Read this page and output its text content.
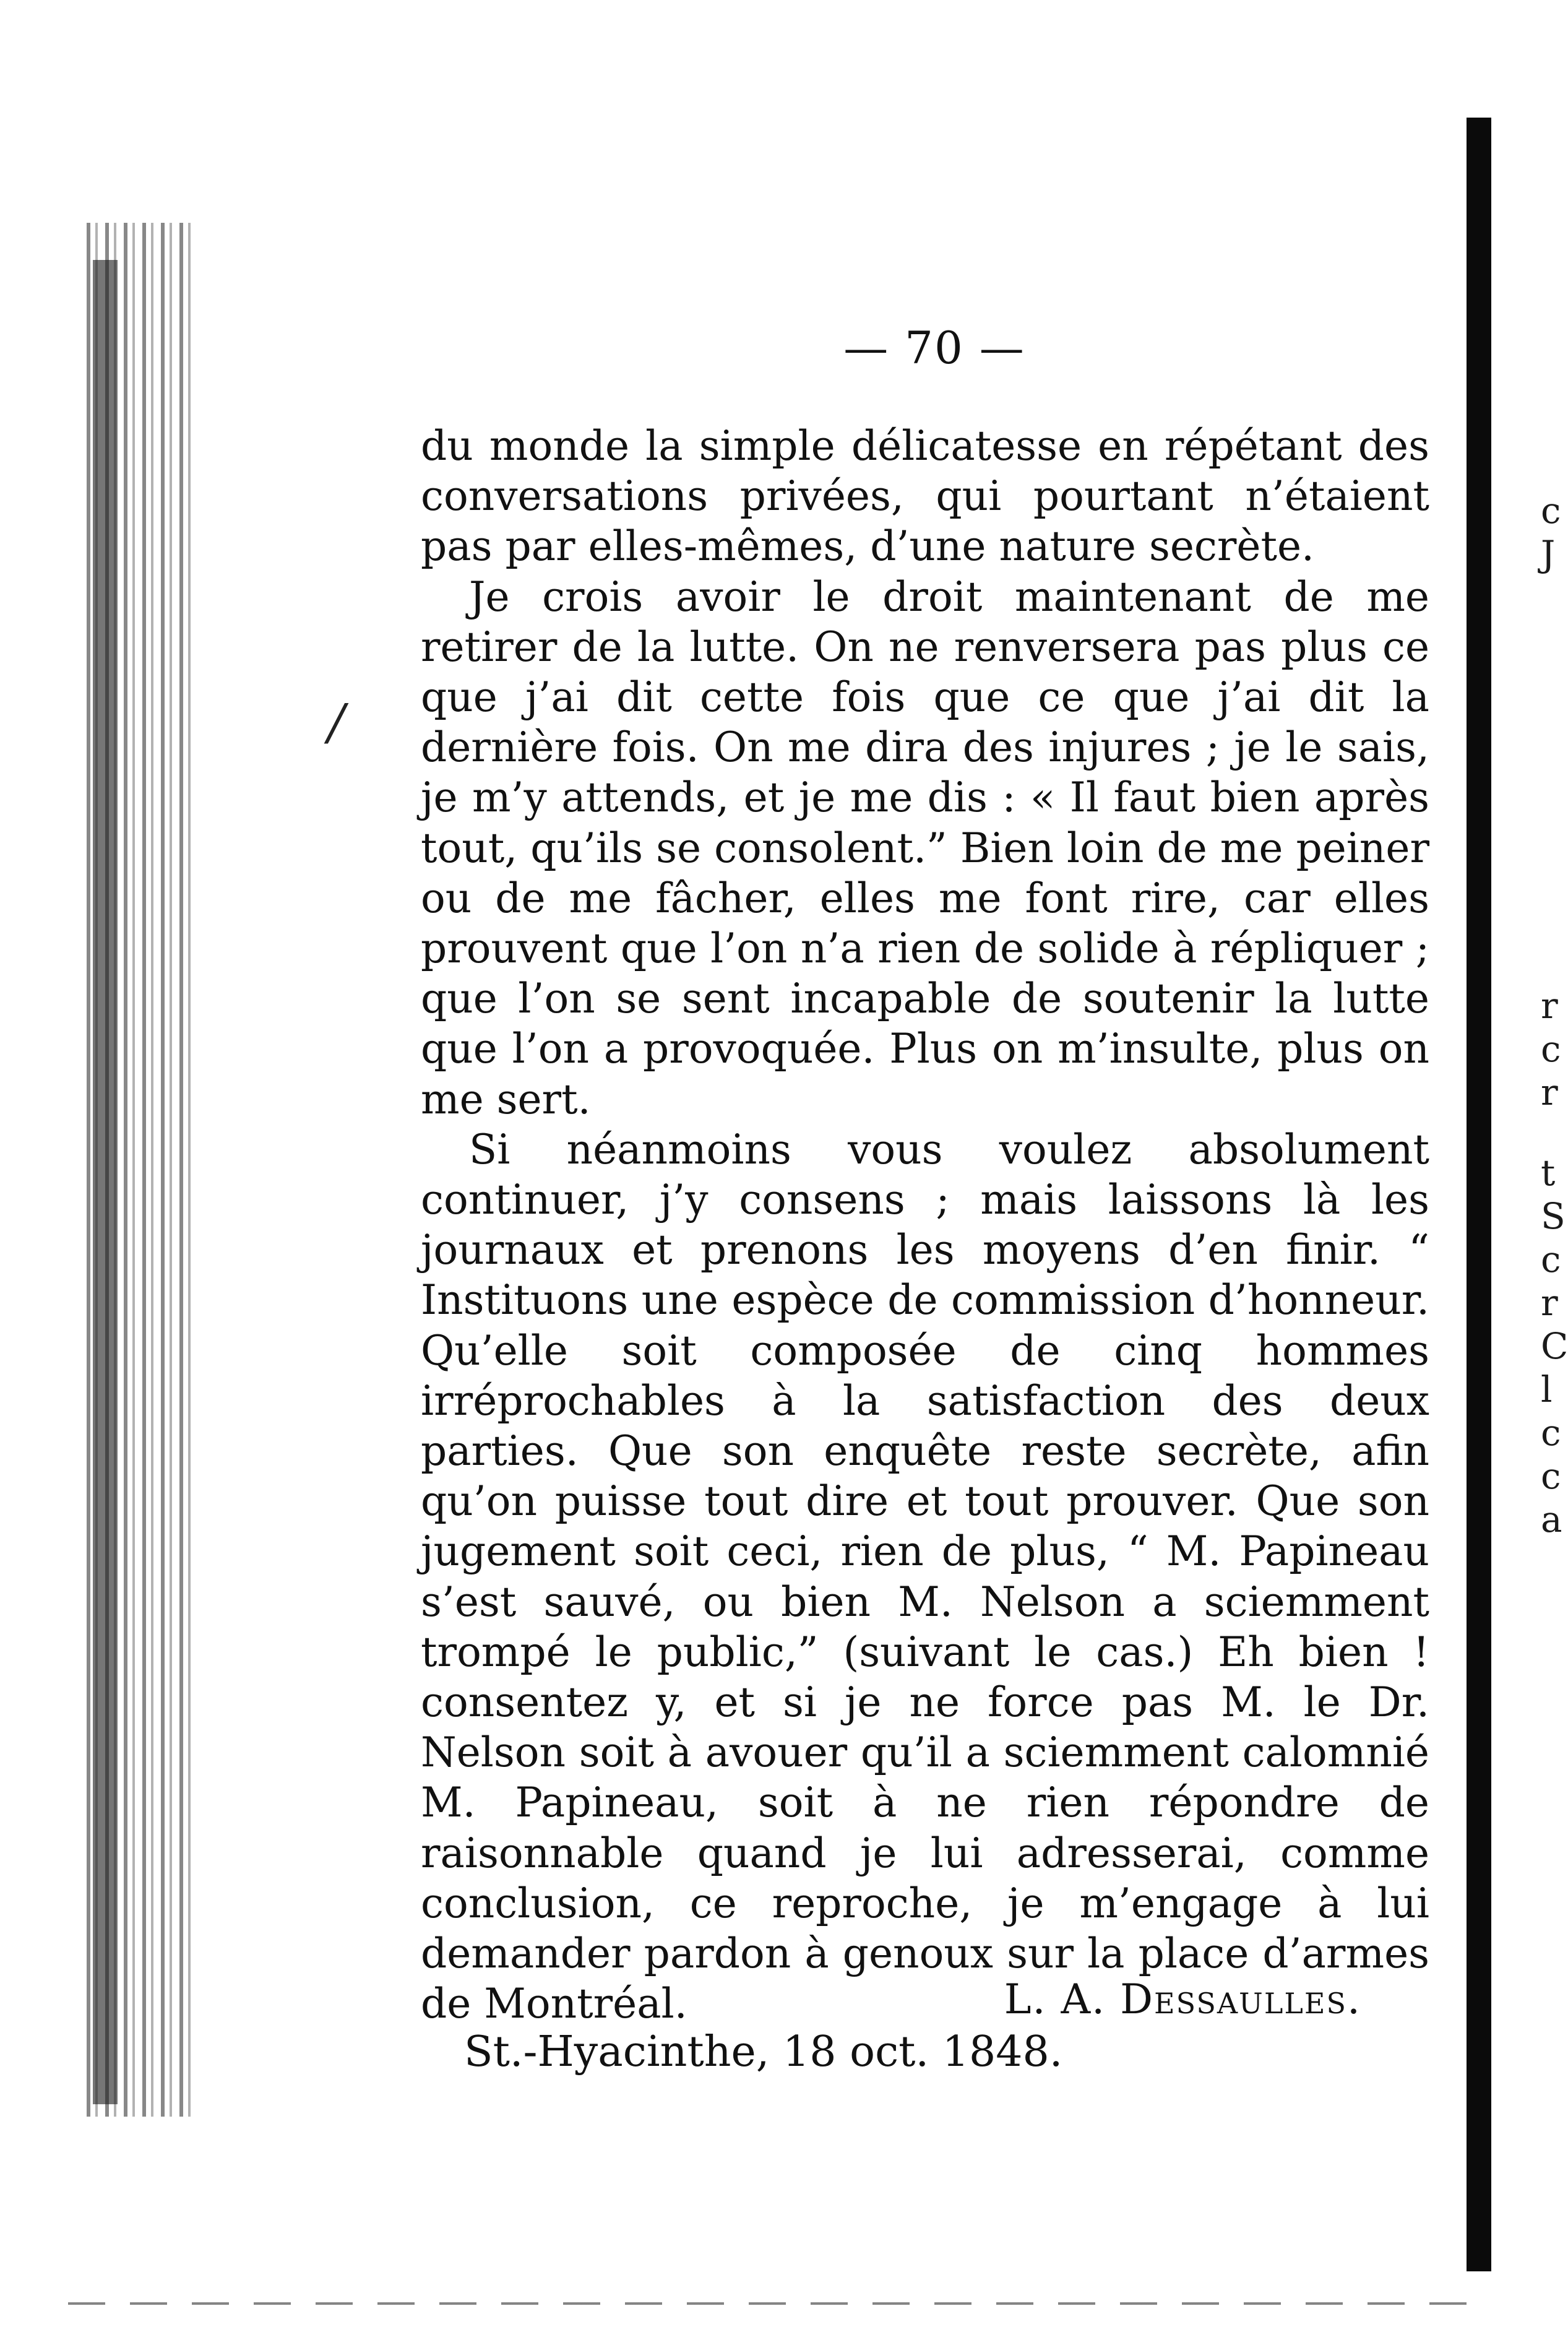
c
J
r
c
r
t
S
c
r
C
l
c
c
a
/
— 70 —

du monde la simple délicatesse en répétant des conversations privées, qui pourtant n’étaient pas par elles-mêmes, d’une nature secrète.

Je crois avoir le droit maintenant de me retirer de la lutte. On ne renversera pas plus ce que j’ai dit cette fois que ce que j’ai dit la dernière fois. On me dira des injures ; je le sais, je m’y attends, et je me dis : « Il faut bien après tout, qu’ils se consolent.” Bien loin de me peiner ou de me fâcher, elles me font rire, car elles prouvent que l’on n’a rien de solide à répliquer ; que l’on se sent incapable de soutenir la lutte que l’on a provoquée. Plus on m’insulte, plus on me sert.

Si néanmoins vous voulez absolument continuer, j’y consens ; mais laissons là les journaux et prenons les moyens d’en finir. “ Instituons une espèce de commission d’honneur. Qu’elle soit composée de cinq hommes irréprochables à la satisfaction des deux parties. Que son enquête reste secrète, afin qu’on puisse tout dire et tout prouver. Que son jugement soit ceci, rien de plus, “ M. Papineau s’est sauvé, ou bien M. Nelson a sciemment trompé le public,” (suivant le cas.) Eh bien ! consentez y, et si je ne force pas M. le Dr. Nelson soit à avouer qu’il a sciemment calomnié M. Papineau, soit à ne rien répondre de raisonnable quand je lui adresserai, comme conclusion, ce reproche, je m’engage à lui demander pardon à genoux sur la place d’armes de Montréal.	L. A. Dessaulles.
St.-Hyacinthe, 18 oct. 1848.
